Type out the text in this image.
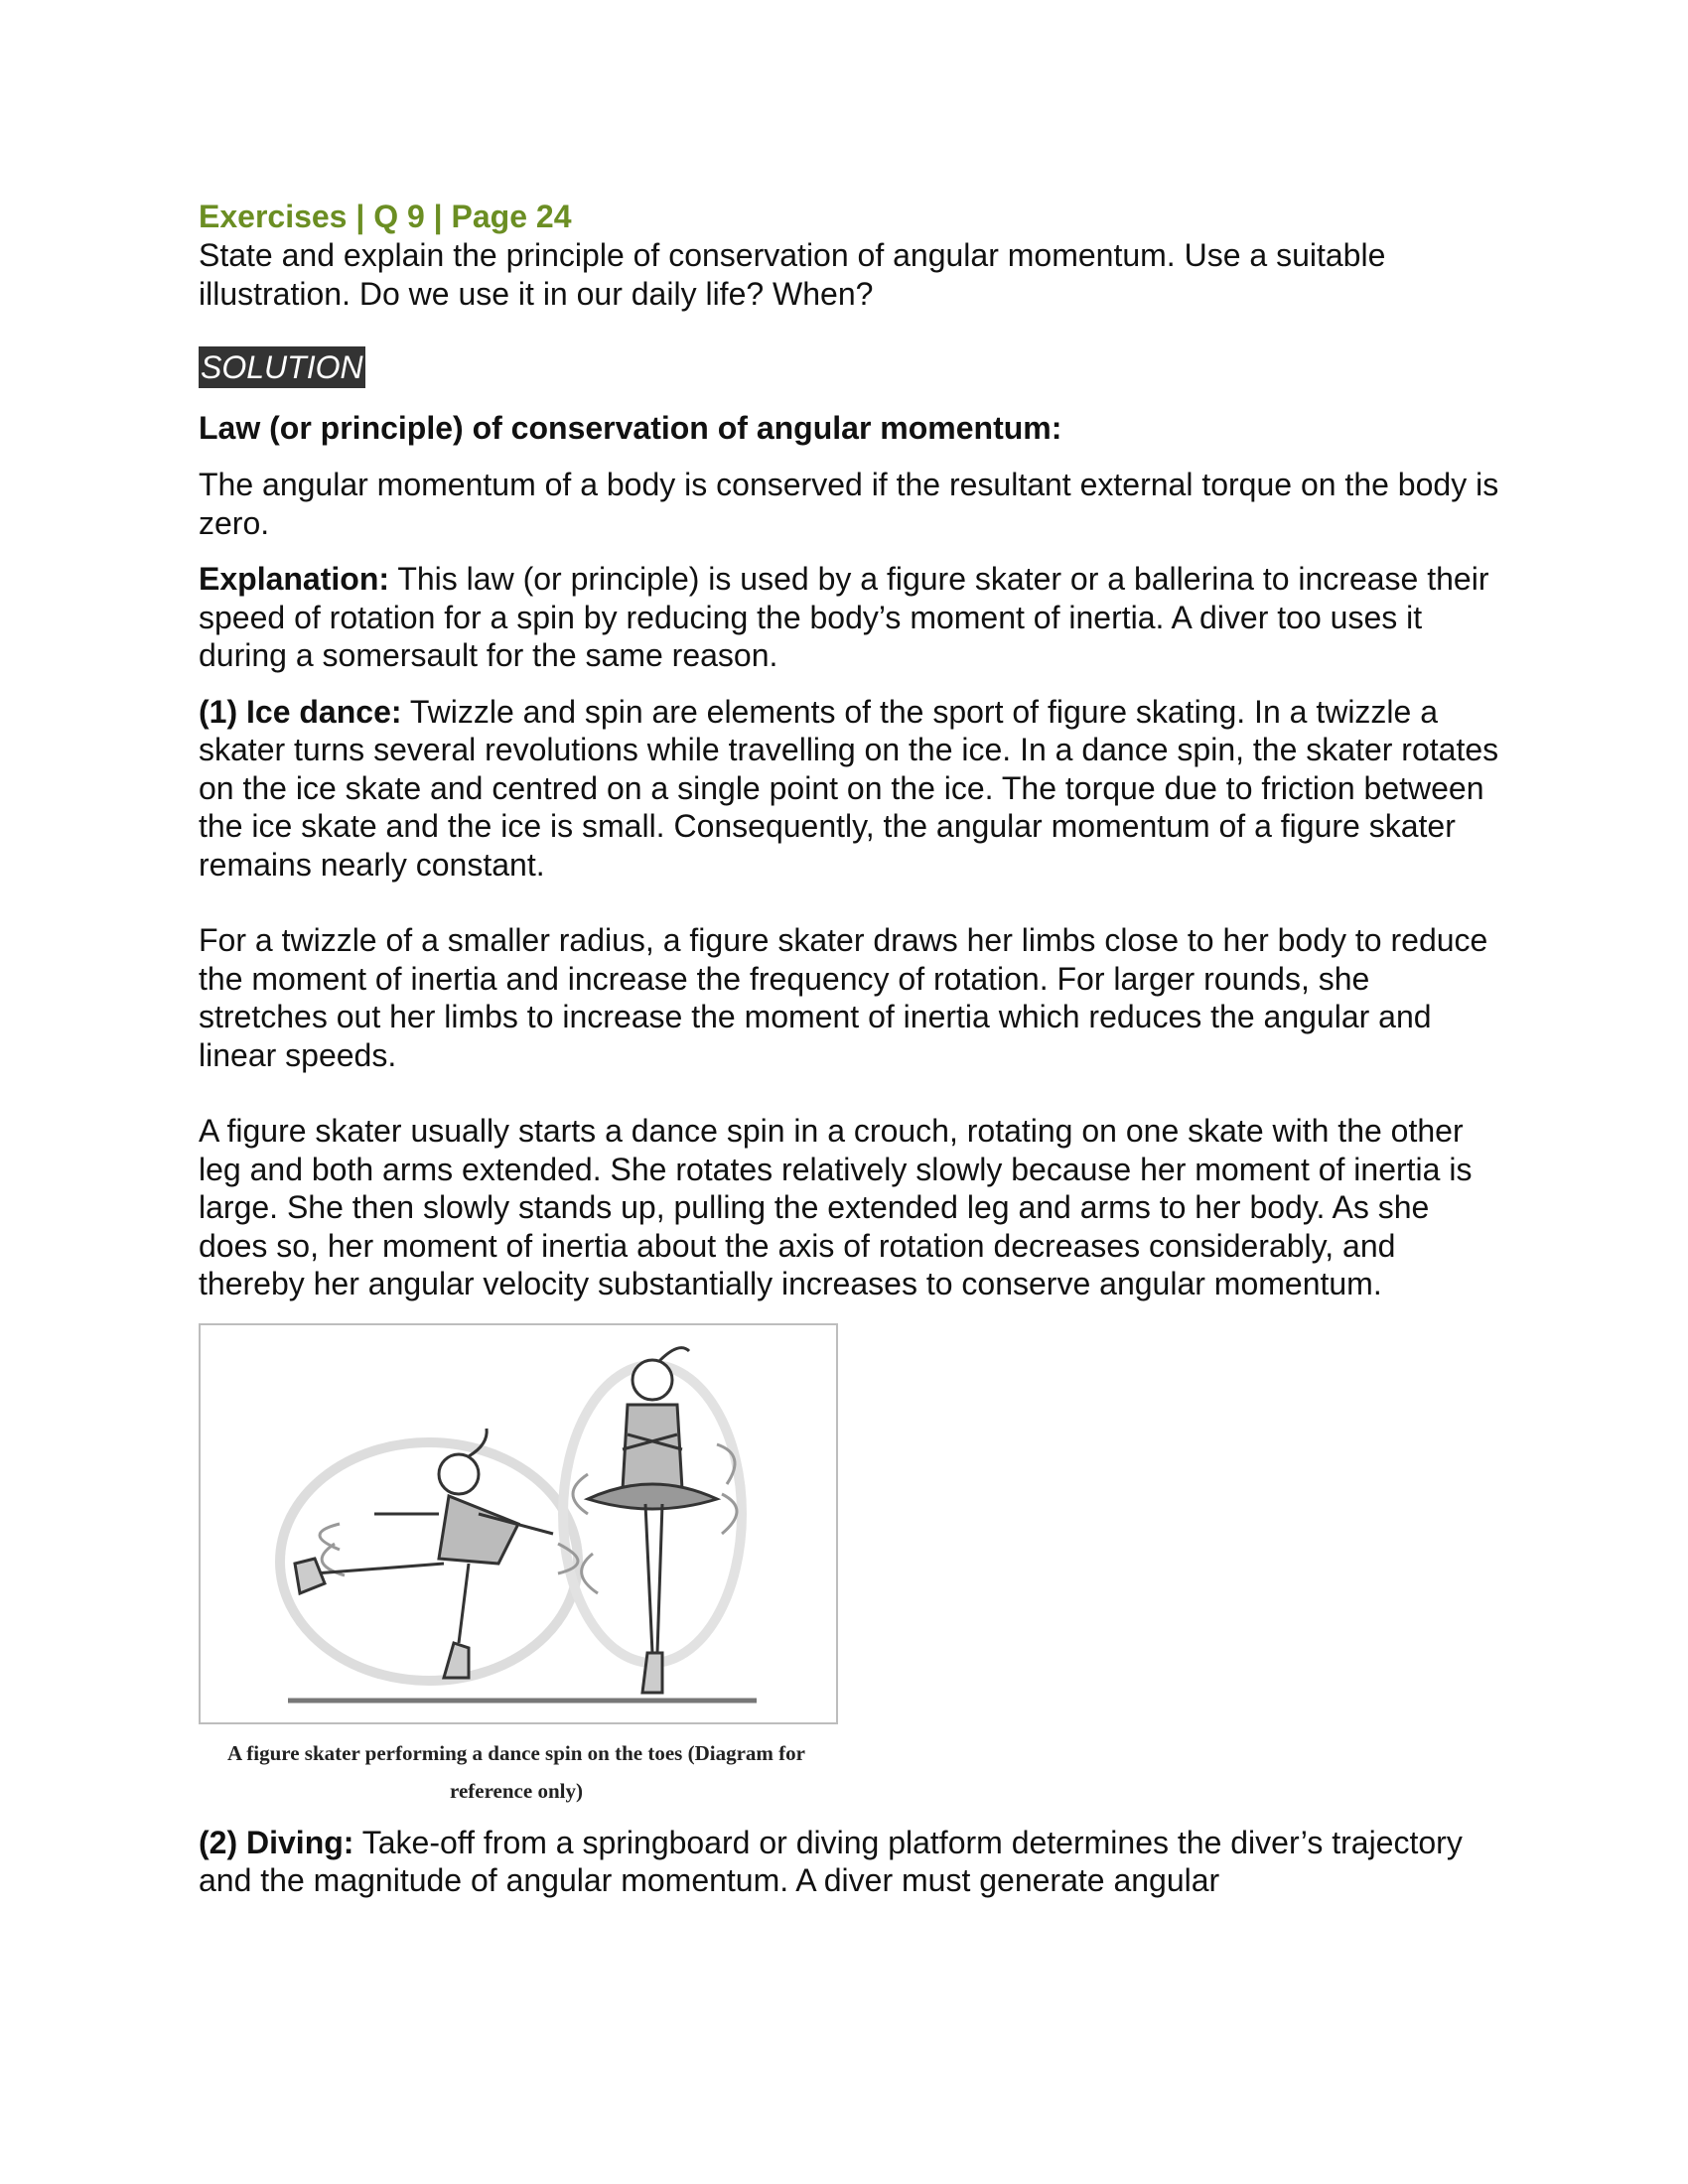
Exercises | Q 9 | Page 24

State and explain the principle of conservation of angular momentum. Use a suitable illustration. Do we use it in our daily life? When?

SOLUTION

Law (or principle) of conservation of angular momentum:

The angular momentum of a body is conserved if the resultant external torque on the body is zero.

Explanation: This law (or principle) is used by a figure skater or a ballerina to increase their speed of rotation for a spin by reducing the body’s moment of inertia. A diver too uses it during a somersault for the same reason.

(1) Ice dance: Twizzle and spin are elements of the sport of figure skating. In a twizzle a skater turns several revolutions while travelling on the ice. In a dance spin, the skater rotates on the ice skate and centred on a single point on the ice. The torque due to friction between the ice skate and the ice is small. Consequently, the angular momentum of a figure skater remains nearly constant.

For a twizzle of a smaller radius, a figure skater draws her limbs close to her body to reduce the moment of inertia and increase the frequency of rotation. For larger rounds, she stretches out her limbs to increase the moment of inertia which reduces the angular and linear speeds.

A figure skater usually starts a dance spin in a crouch, rotating on one skate with the other leg and both arms extended. She rotates relatively slowly because her moment of inertia is large. She then slowly stands up, pulling the extended leg and arms to her body. As she does so, her moment of inertia about the axis of rotation decreases considerably, and thereby her angular velocity substantially increases to conserve angular momentum.

A figure skater performing a dance spin on the toes (Diagram for reference only)

(2) Diving: Take-off from a springboard or diving platform determines the diver’s trajectory and the magnitude of angular momentum. A diver must generate angular
